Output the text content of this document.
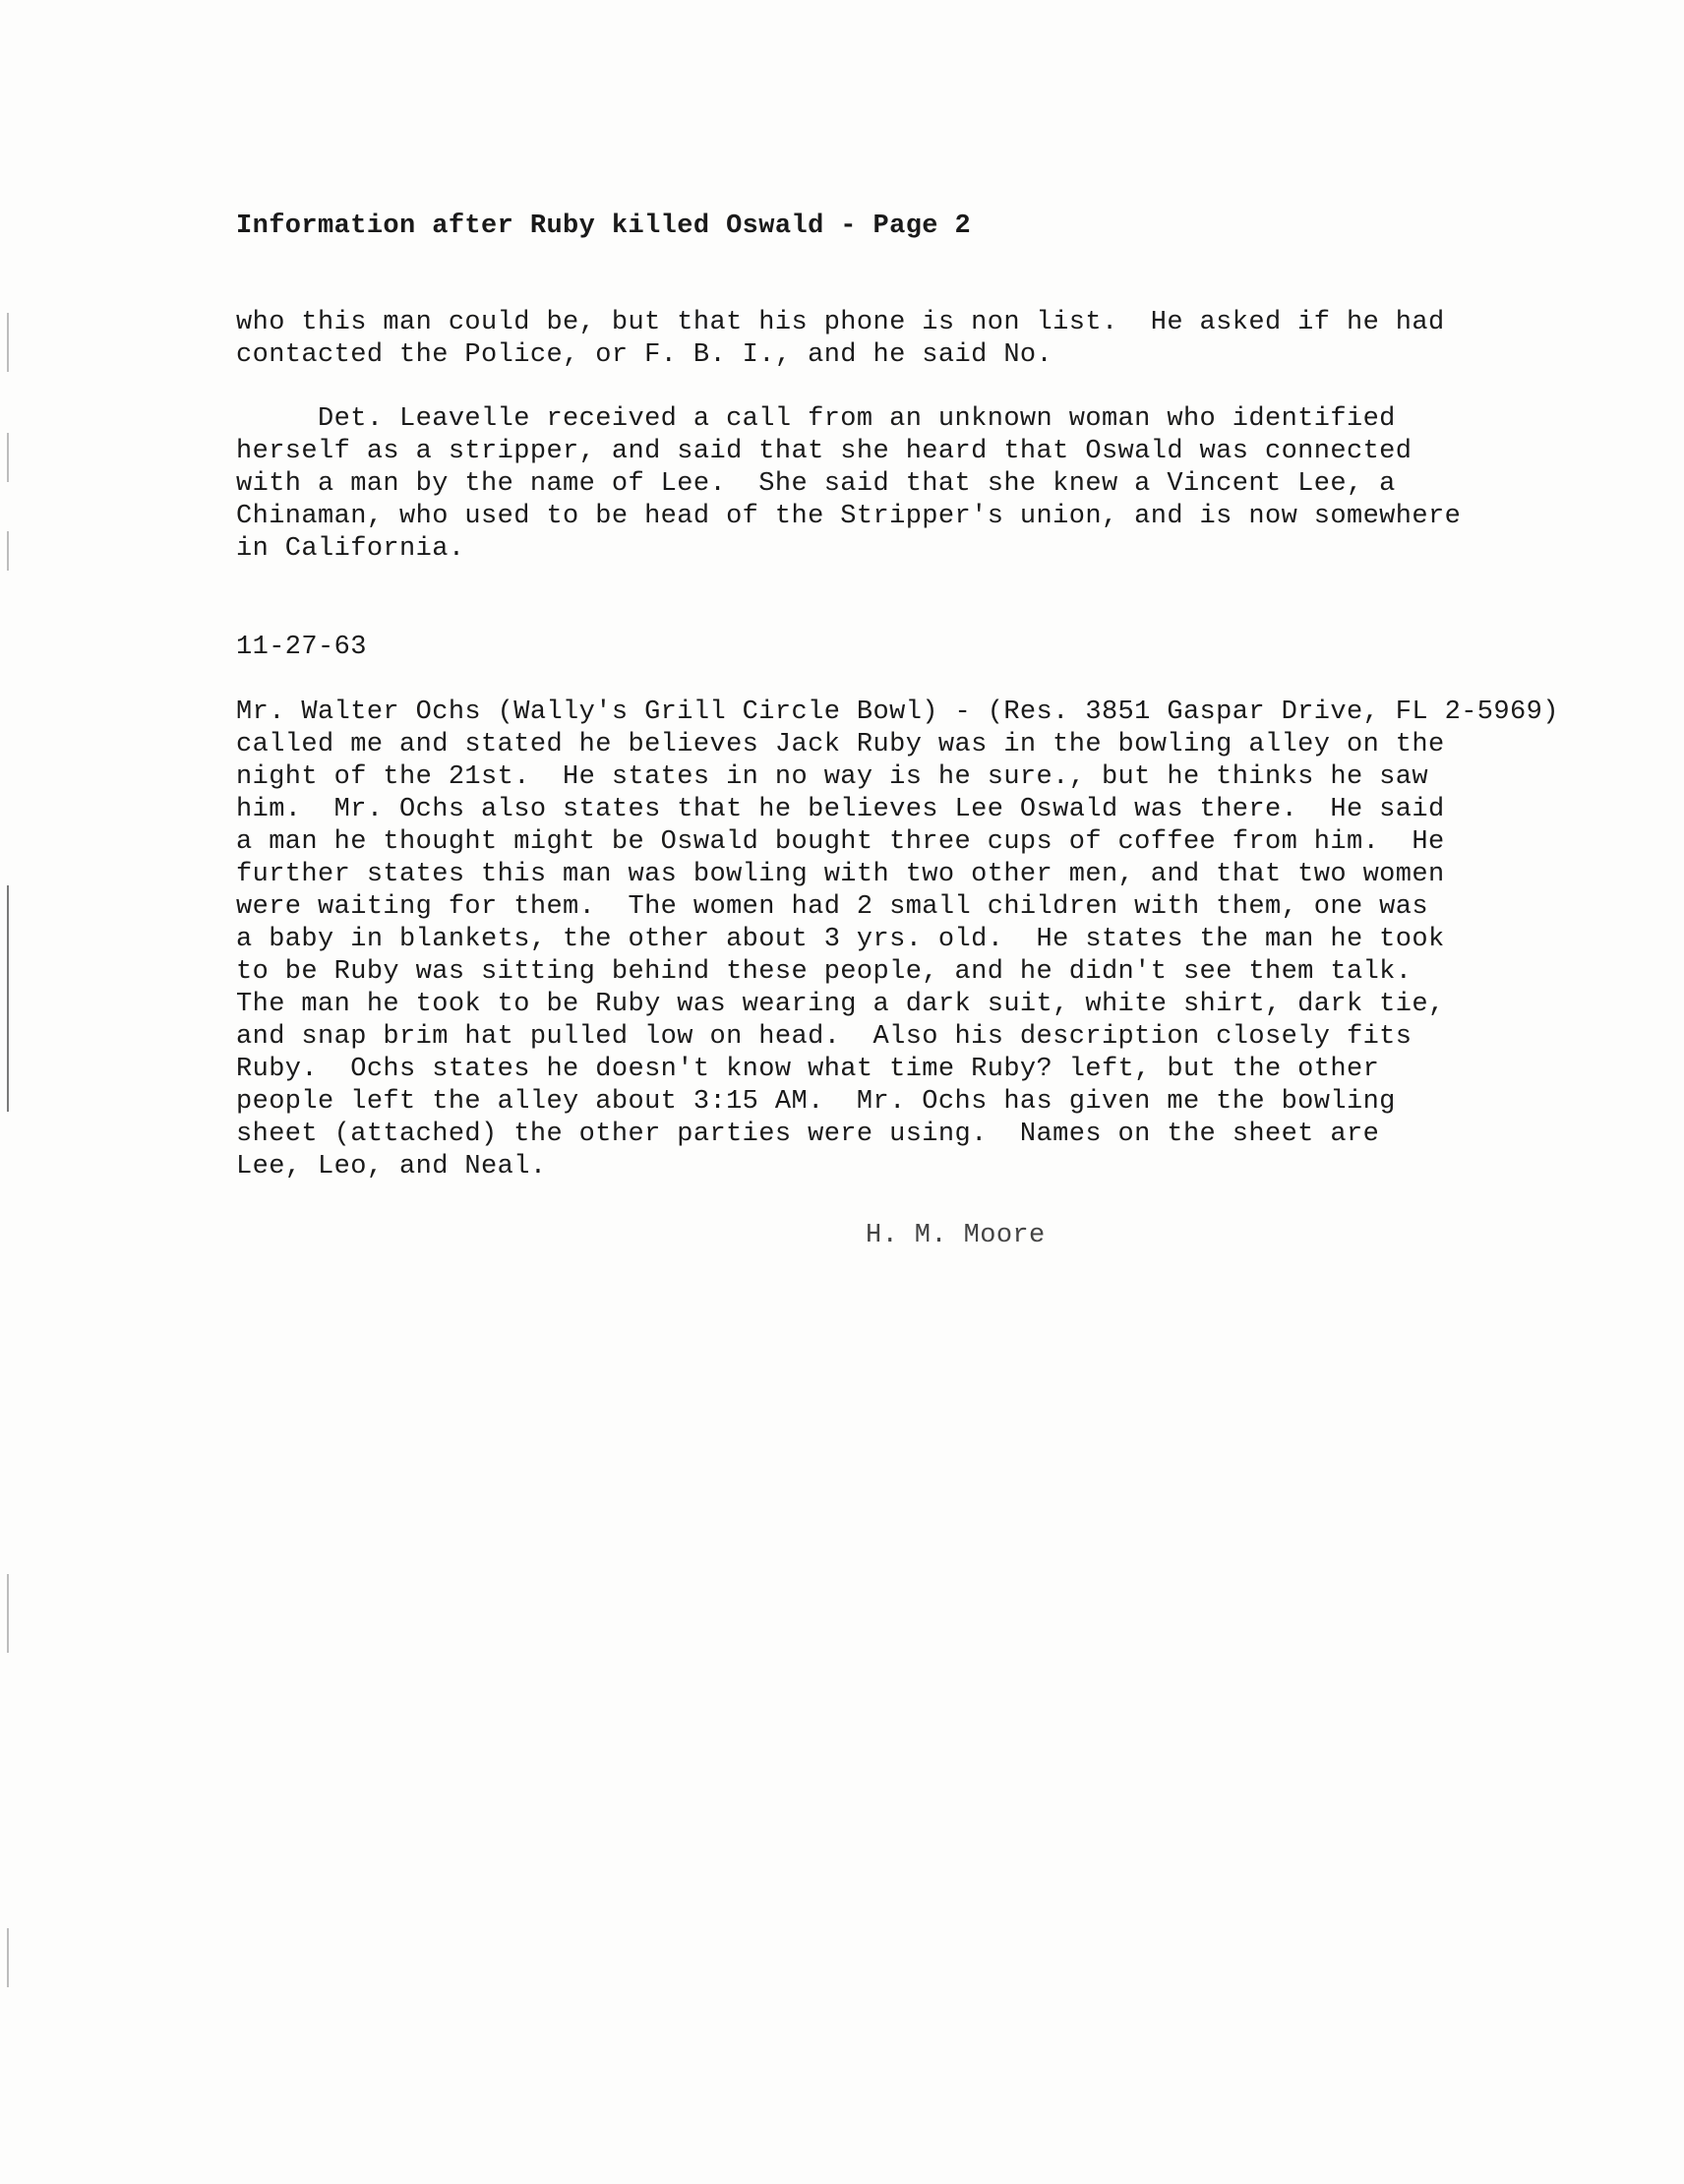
Information after Ruby killed Oswald - Page 2
who this man could be, but that his phone is non list.  He asked if he had
contacted the Police, or F. B. I., and he said No.
Det. Leavelle received a call from an unknown woman who identified
herself as a stripper, and said that she heard that Oswald was connected
with a man by the name of Lee.  She said that she knew a Vincent Lee, a
Chinaman, who used to be head of the Stripper's union, and is now somewhere
in California.
11-27-63
Mr. Walter Ochs (Wally's Grill Circle Bowl) - (Res. 3851 Gaspar Drive, FL 2-5969)
called me and stated he believes Jack Ruby was in the bowling alley on the
night of the 21st.  He states in no way is he sure., but he thinks he saw
him.  Mr. Ochs also states that he believes Lee Oswald was there.  He said
a man he thought might be Oswald bought three cups of coffee from him.  He
further states this man was bowling with two other men, and that two women
were waiting for them.  The women had 2 small children with them, one was
a baby in blankets, the other about 3 yrs. old.  He states the man he took
to be Ruby was sitting behind these people, and he didn't see them talk.
The man he took to be Ruby was wearing a dark suit, white shirt, dark tie,
and snap brim hat pulled low on head.  Also his description closely fits
Ruby.  Ochs states he doesn't know what time Ruby? left, but the other
people left the alley about 3:15 AM.  Mr. Ochs has given me the bowling
sheet (attached) the other parties were using.  Names on the sheet are
Lee, Leo, and Neal.
H. M. Moore
